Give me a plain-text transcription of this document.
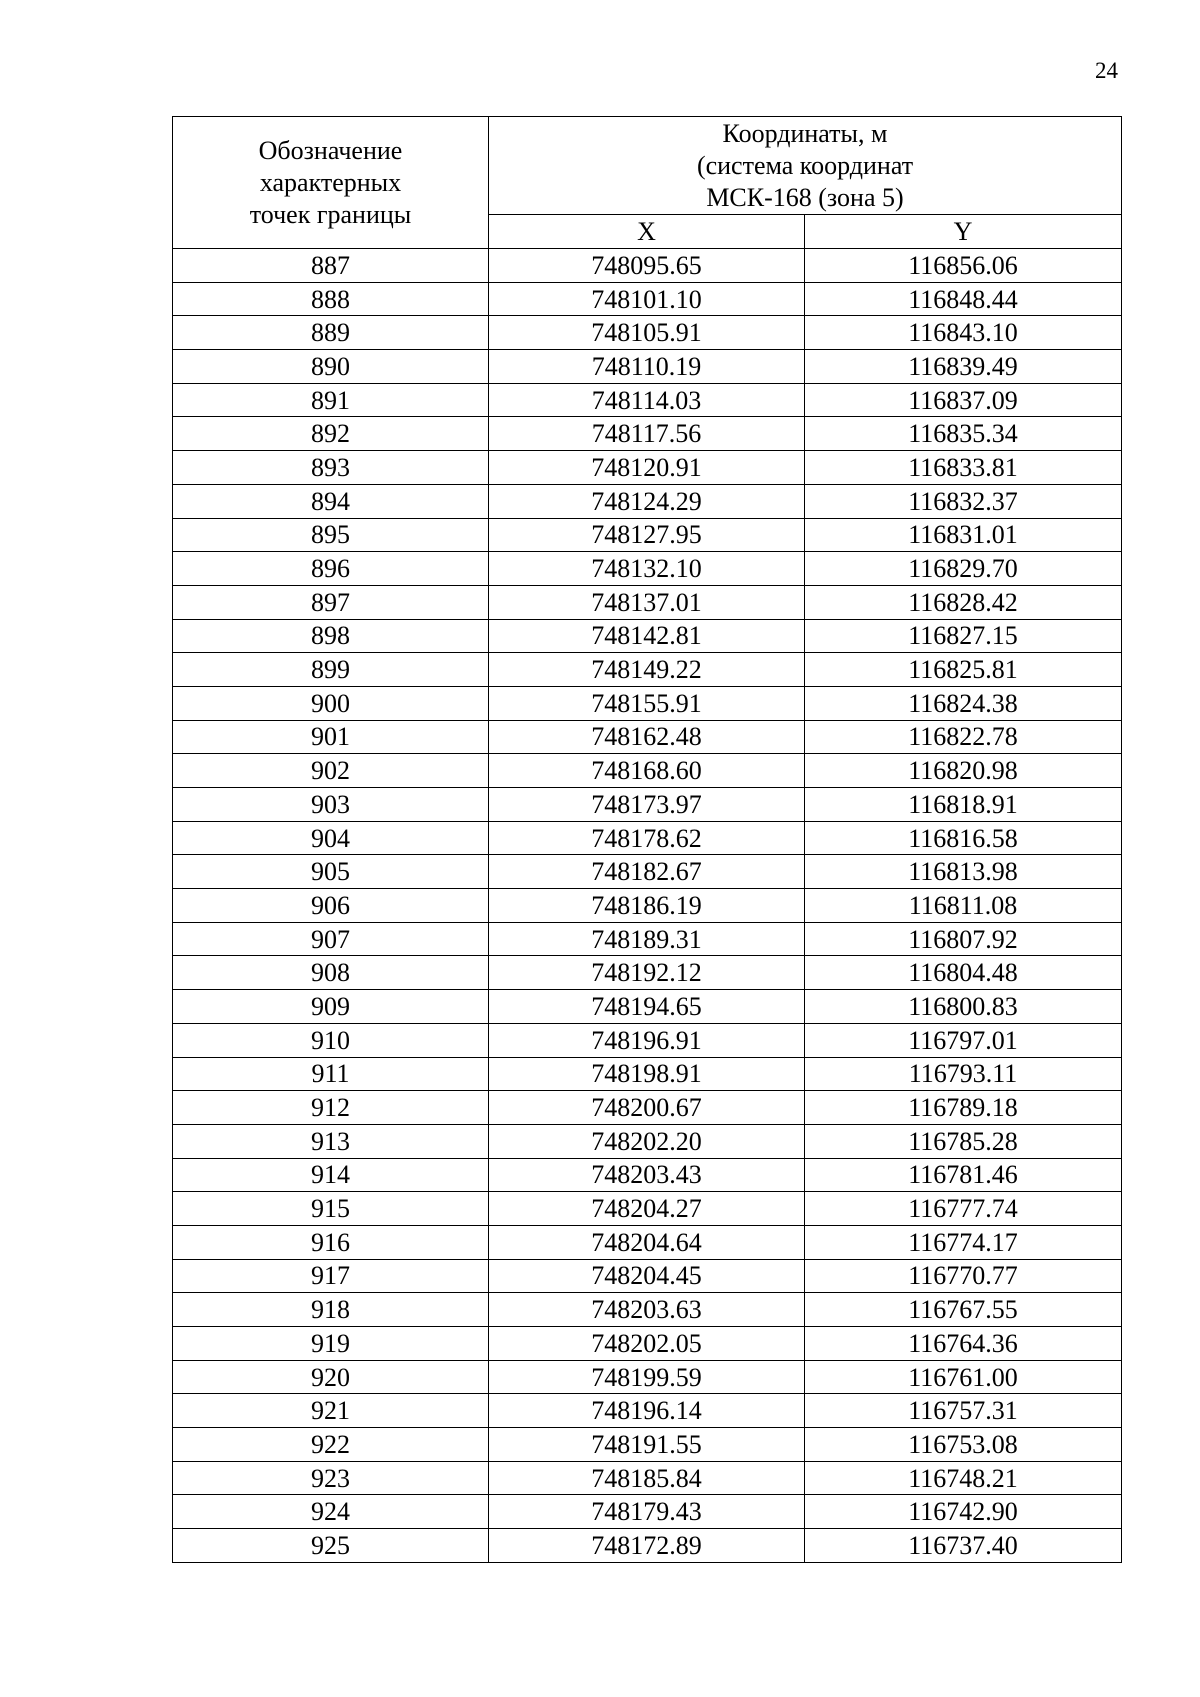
24
Обозначение характерных точек границы	Координаты, м
(система координат
МСК-168 (зона 5)	

	X	Y
887	748095.65	116856.06
888	748101.10	116848.44
889	748105.91	116843.10
890	748110.19	116839.49
891	748114.03	116837.09
892	748117.56	116835.34
893	748120.91	116833.81
894	748124.29	116832.37
895	748127.95	116831.01
896	748132.10	116829.70
897	748137.01	116828.42
898	748142.81	116827.15
899	748149.22	116825.81
900	748155.91	116824.38
901	748162.48	116822.78
902	748168.60	116820.98
903	748173.97	116818.91
904	748178.62	116816.58
905	748182.67	116813.98
906	748186.19	116811.08
907	748189.31	116807.92
908	748192.12	116804.48
909	748194.65	116800.83
910	748196.91	116797.01
911	748198.91	116793.11
912	748200.67	116789.18
913	748202.20	116785.28
914	748203.43	116781.46
915	748204.27	116777.74
916	748204.64	116774.17
917	748204.45	116770.77
918	748203.63	116767.55
919	748202.05	116764.36
920	748199.59	116761.00
921	748196.14	116757.31
922	748191.55	116753.08
923	748185.84	116748.21
924	748179.43	116742.90
925	748172.89	116737.40
